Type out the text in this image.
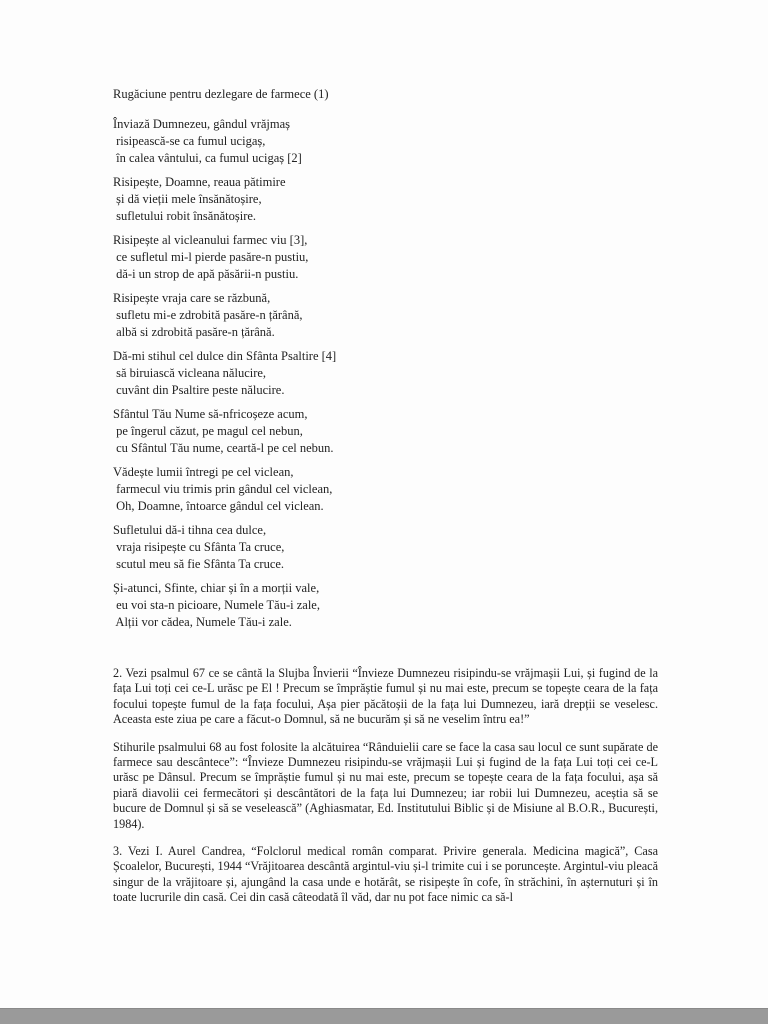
Rugăciune pentru dezlegare de farmece (1)

Înviază Dumnezeu, gândul vrăjmaș

risipească-se ca fumul ucigaș,

în calea vântului, ca fumul ucigaș [2]

Risipește, Doamne, reaua pătimire

și dă vieții mele însănătoșire,

sufletului robit însănătoșire.

Risipește al vicleanului farmec viu [3],

ce sufletul mi-l pierde pasăre-n pustiu,

dă-i un strop de apă păsării-n pustiu.

Risipește vraja care se răzbună,

sufletu mi-e zdrobită pasăre-n țărână,

albă si zdrobită pasăre-n țărână.

Dă-mi stihul cel dulce din Sfânta Psaltire [4]

să biruiască vicleana nălucire,

cuvânt din Psaltire peste nălucire.

Sfântul Tău Nume să-nfricoșeze acum,

pe îngerul căzut, pe magul cel nebun,

cu Sfântul Tău nume, ceartă-l pe cel nebun.

Vădește lumii întregi pe cel viclean,

farmecul viu trimis prin gândul cel viclean,

Oh, Doamne, întoarce gândul cel viclean.

Sufletului dă-i tihna cea dulce,

vraja risipește cu Sfânta Ta cruce,

scutul meu să fie Sfânta Ta cruce.

Și-atunci, Sfinte, chiar și în a morții vale,

eu voi sta-n picioare, Numele Tău-i zale,

Alții vor cădea, Numele Tău-i zale.

2. Vezi psalmul 67 ce se cântă la Slujba Învierii “Învieze Dumnezeu risipindu-se vrăjmașii Lui, și fugind de la fața Lui toți cei ce-L urăsc pe El ! Precum se împrăștie fumul și nu mai este, precum se topește ceara de la fața focului topește fumul de la fața focului, Așa pier păcătoșii de la fața lui Dumnezeu, iară drepții se veselesc. Aceasta este ziua pe care a făcut-o Domnul, să ne bucurăm și să ne veselim întru ea!”

Stihurile psalmului 68 au fost folosite la alcătuirea “Rânduielii care se face la casa sau locul ce sunt supărate de farmece sau descântece”: “Învieze Dumnezeu risipindu-se vrăjmașii Lui și fugind de la fața Lui toți cei ce-L urăsc pe Dânsul. Precum se împrăștie fumul și nu mai este, precum se topește ceara de la fața focului, așa să piară diavolii cei fermecători și descântători de la fața lui Dumnezeu; iar robii lui Dumnezeu, aceștia să se bucure de Domnul și să se veselească” (Aghiasmatar, Ed. Institutului Biblic și de Misiune al B.O.R., București, 1984).

3. Vezi I. Aurel Candrea, “Folclorul medical român comparat. Privire generala. Medicina magică”, Casa Școalelor, București, 1944 “Vrăjitoarea descântă argintul-viu și-l trimite cui i se poruncește. Argintul-viu pleacă singur de la vrăjitoare și, ajungând la casa unde e hotărât, se risipește în cofe, în străchini, în așternuturi și în toate lucrurile din casă. Cei din casă câteodată îl văd, dar nu pot face nimic ca să-l
